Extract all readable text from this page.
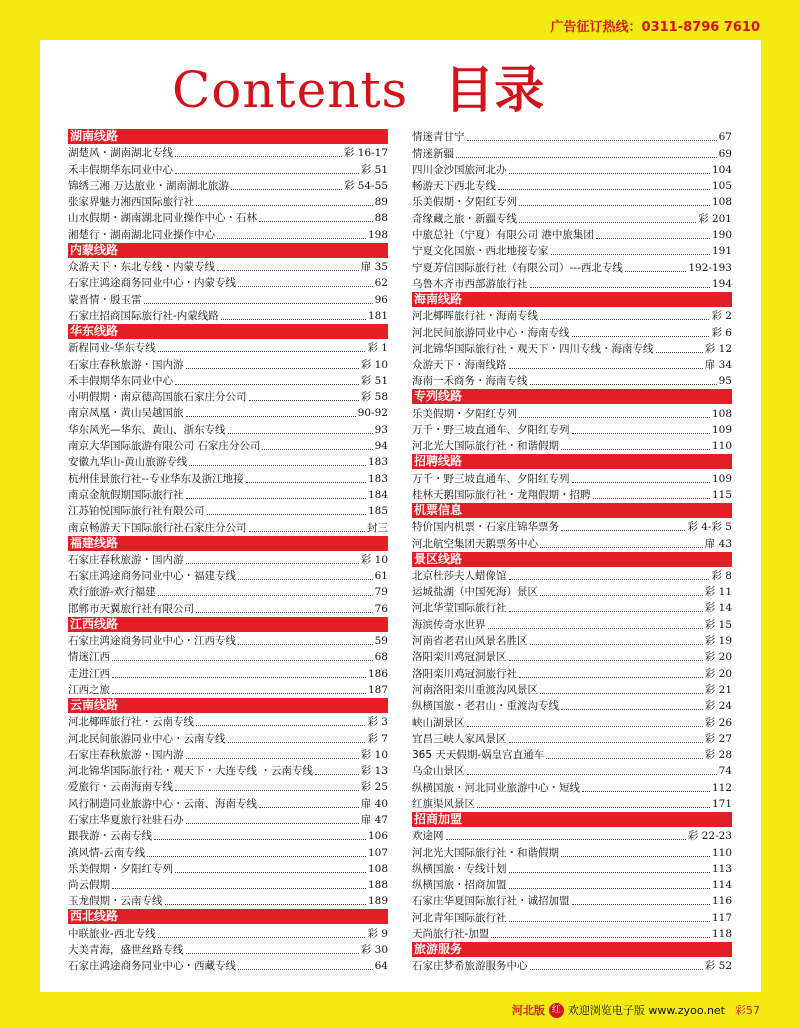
广告征订热线：0311-8796 7610
Contents 目录
湖南线路
湖楚风・湖南湖北专线	彩 16-17
禾丰假期华东同业中心	彩 51
锦绣三湘 万达旅业・湖南湖北旅游	彩 54-55
张家界魅力湘西国际旅行社	89
山水假期・湖南湖北同业操作中心・石林	88
湘楚行・湖南湖北同业操作中心	198
内蒙线路
众游天下・东北专线・内蒙专线	扉 35
石家庄鸿途商务同业中心・内蒙专线	62
蒙晋情・殷玉雷	96
石家庄招商国际旅行社-内蒙线路	181
华东线路
新程同业-华东专线	彩 1
石家庄春秋旅游・国内游	彩 10
禾丰假期华东同业中心	彩 51
小明假期・南京德高国旅石家庄分公司	彩 58
南京凤凰・黄山吴越国旅	90-92
华东风光—华东、黄山、浙东专线	93
南京大华国际旅游有限公司 石家庄分公司	94
安徽九华山-黄山旅游专线	183
杭州佳景旅行社--专业华东及浙江地接	183
南京金航假期国际旅行社	184
江苏铂悦国际旅行社有限公司	185
南京畅游天下国际旅行社石家庄分公司	封三
福建线路
石家庄春秋旅游・国内游	彩 10
石家庄鸿途商务同业中心・福建专线	61
欢行旅游-欢行福建	79
邯郸市天翼旅行社有限公司	76
江西线路
石家庄鸿途商务同业中心・江西专线	59
情迷江西	68
走进江西	186
江西之旅	187
云南线路
河北椰晖旅行社・云南专线	彩 3
河北民间旅游同业中心・云南专线	彩 7
石家庄春秋旅游・国内游	彩 10
河北锦华国际旅行社・观天下・大连专线 ・云南专线	彩 13
爱旅行・云南海南专线	彩 25
风行制造同业旅游中心・云南、海南专线	扉 40
石家庄华夏旅行社驻石办	扉 47
跟我游・云南专线	106
滇风情-云南专线	107
乐美假期・夕阳红专列	108
尚云假期	188
玉龙假期・云南专线	189
西北线路
中联旅业-西北专线	彩 9
大美青海，盛世丝路专线	彩 30
石家庄鸿途商务同业中心・西藏专线	64
情迷青甘宁	67
情迷新疆	69
四川金沙国旅河北办	104
畅游天下西北专线	105
乐美假期・夕阳红专列	108
奇缘藏之旅・新疆专线	彩 201
中旅总社（宁夏）有限公司 港中旅集团	190
宁夏文化国旅・西北地接专家	191
宁夏芳信国际旅行社（有限公司）---西北专线	192-193
乌鲁木齐市西部游旅行社	194
海南线路
河北椰晖旅行社・海南专线	彩 2
河北民间旅游同业中心・海南专线	彩 6
河北锦华国际旅行社・观天下・四川专线・海南专线	彩 12
众游天下・海南线路	扉 34
海南一禾商务・海南专线	95
专列线路
乐美假期・夕阳红专列	108
万千・野三坡直通车、夕阳红专列	109
河北光大国际旅行社・和谐假期	110
招聘线路
万千・野三坡直通车、夕阳红专列	109
桂林天鹅国际旅行社・龙翔假期・招聘	115
机票信息
特价国内机票・石家庄锦华票务	彩 4-彩 5
河北航空集团天鹅票务中心	扉 43
景区线路
北京杜莎夫人蜡像馆	彩 8
运城盐湖（中国死海）景区	彩 11
河北华莹国际旅行社	彩 14
海滨传奇水世界	彩 15
河南省老君山风景名胜区	彩 19
洛阳栾川鸡冠洞景区	彩 20
洛阳栾川鸡冠洞旅行社	彩 20
河南洛阳栾川重渡沟风景区	彩 21
纵横国旅・老君山・重渡沟专线	彩 24
峡山湖景区	彩 26
宜昌三峡人家风景区	彩 27
365 天天假期-娲皇宫直通车	彩 28
乌金山景区	74
纵横国旅・河北同业旅游中心・短线	112
红旗渠风景区	171
招商加盟
欢途网	彩 22-23
河北光大国际旅行社・和谐假期	110
纵横国旅・专线计划	113
纵横国旅・招商加盟	114
石家庄华夏国际旅行社・诚招加盟	116
河北青年国际旅行社	117
天尚旅行社-加盟	118
旅游服务
石家庄梦希旅游服务中心	彩 52
河北版 红 欢迎浏览电子版 www.zyoo.net 彩57
